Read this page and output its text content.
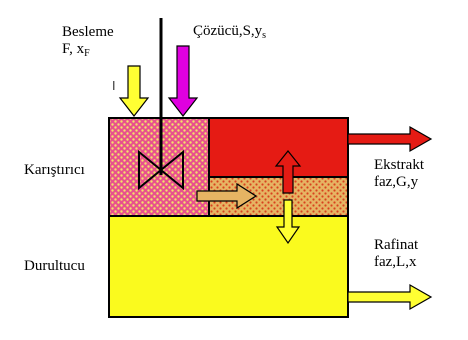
Besleme
F, $x_F$
$Çözücü,S,y_s$
I
Karıştırıcı
Durultucu
Ekstrakt
faz,G,y
Rafinat
faz,L,x
